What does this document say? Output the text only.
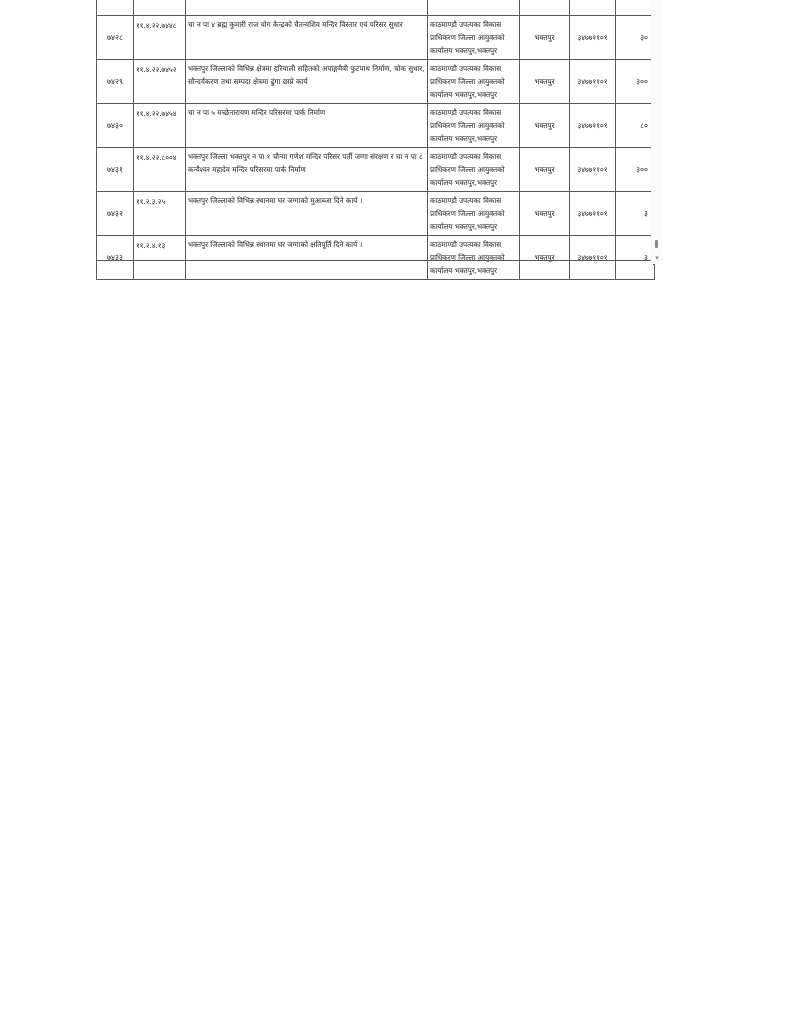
७४२८	११.४.२२.७४४८	चा न पा ४ ब्रह्म कुमारी राज योग केन्द्रको चैतन्यशिव मन्दिर विस्तार एवं परिसर सुधार	काठमाण्डौ उपत्यका विकास
प्राधिकरण जिल्ला आयुक्तको
कार्यालय भक्तपुर,भक्तपुर	भक्तपुर	३४७७११०१	३०
७४२९	११.४.२२.७४५२	भक्तपुर जिल्लाको विभिन्न क्षेत्रमा हरियाली सहितको अपाङ्गमैत्री फुटपाथ निर्माण, चोक सुधार, सौन्दर्यकरण तथा सम्पदा क्षेत्रमा ढुंगा छाप्ने कार्य	काठमाण्डौ उपत्यका विकास
प्राधिकरण जिल्ला आयुक्तको
कार्यालय भक्तपुर,भक्तपुर	भक्तपुर	३४७७११०१	३००
७४३०	११.४.२२.७४५४	चा न पा ५ मच्छेनारायण मन्दिर परिसरमा पार्क निर्माण	काठमाण्डौ उपत्यका विकास
प्राधिकरण जिल्ला आयुक्तको
कार्यालय भक्तपुर,भक्तपुर	भक्तपुर	३४७७११०१	८०
७४३१	११.४.२२.८००४	भक्तपुर जिल्ला भक्तपुर न पा १ चौन्या गणेश मन्दिर परिसर पर्ती जग्गा संरक्षण र चा न पा ८ कन्यैश्वर महादेव मन्दिर परिसरमा पार्क निर्माण	काठमाण्डौ उपत्यका विकास
प्राधिकरण जिल्ला आयुक्तको
कार्यालय भक्तपुर,भक्तपुर	भक्तपुर	३४७७११०१	३००
७४३२	११.२.३.२५	भक्तपुर जिल्लाको विभिन्न स्थानमा घर जग्गाको मुआब्जा दिने कार्य ।	काठमाण्डौ उपत्यका विकास
प्राधिकरण जिल्ला आयुक्तको
कार्यालय भक्तपुर,भक्तपुर	भक्तपुर	३४७७११०१	३
७४३३	११.२.४.१३	भक्तपुर जिल्लाको विभिन्न स्थानमा घर जग्गाको क्षतिपूर्ति दिने कार्य ।	काठमाण्डौ उपत्यका विकास
प्राधिकरण जिल्ला आयुक्तको
कार्यालय भक्तपुर,भक्तपुर	भक्तपुर	३४७७११०१	३	▾
